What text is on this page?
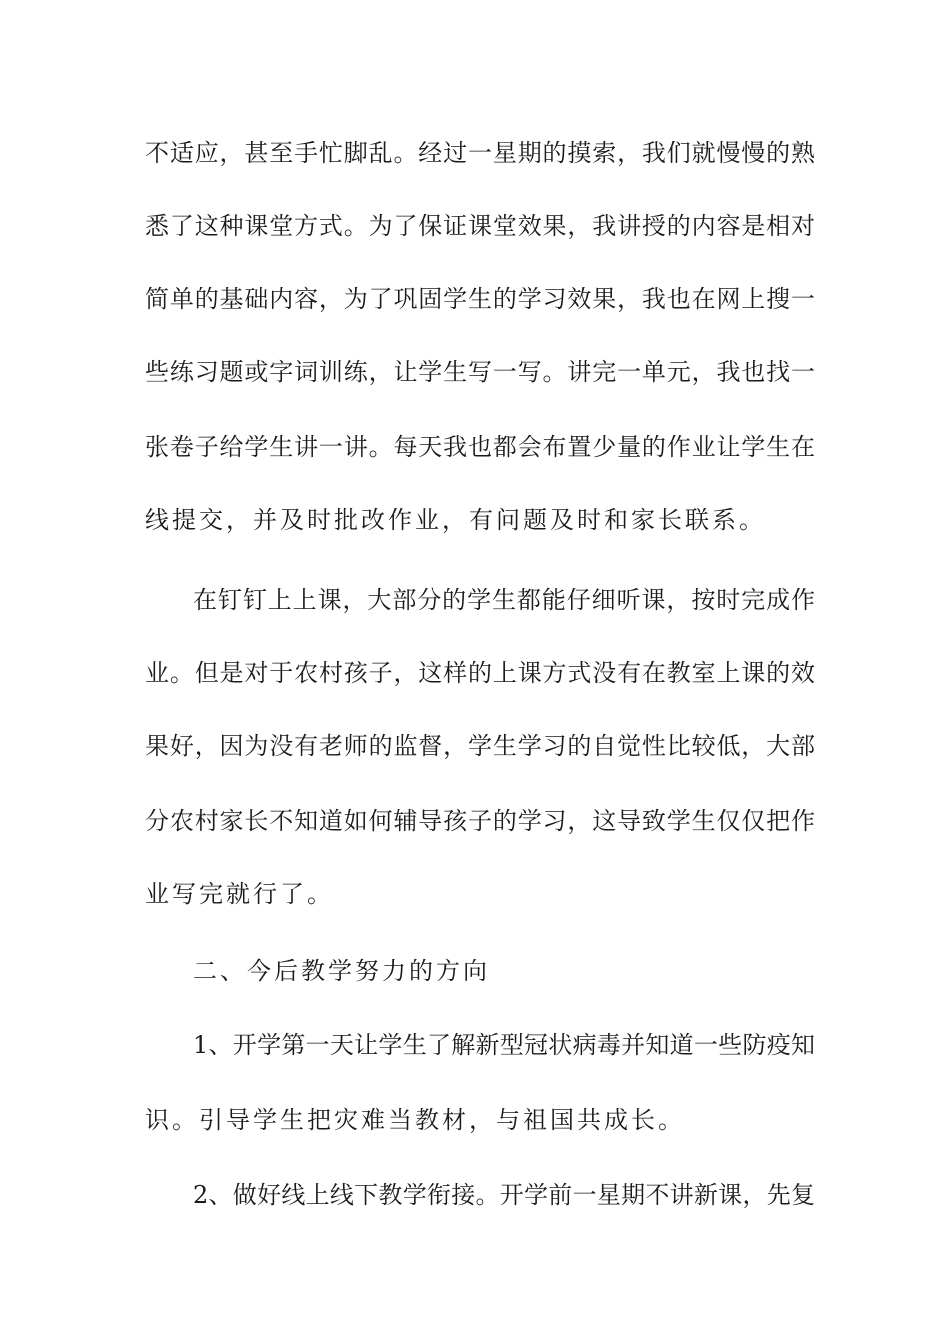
不适应，甚至手忙脚乱。经过一星期的摸索，我们就慢慢的熟
悉了这种课堂方式。为了保证课堂效果，我讲授的内容是相对
简单的基础内容，为了巩固学生的学习效果，我也在网上搜一
些练习题或字词训练，让学生写一写。讲完一单元，我也找一
张卷子给学生讲一讲。每天我也都会布置少量的作业让学生在
线提交，并及时批改作业，有问题及时和家长联系。
在钉钉上上课，大部分的学生都能仔细听课，按时完成作
业。但是对于农村孩子，这样的上课方式没有在教室上课的效
果好，因为没有老师的监督，学生学习的自觉性比较低，大部
分农村家长不知道如何辅导孩子的学习，这导致学生仅仅把作
业写完就行了。
二、今后教学努力的方向
1、开学第一天让学生了解新型冠状病毒并知道一些防疫知
识。引导学生把灾难当教材，与祖国共成长。
2、做好线上线下教学衔接。开学前一星期不讲新课，先复
